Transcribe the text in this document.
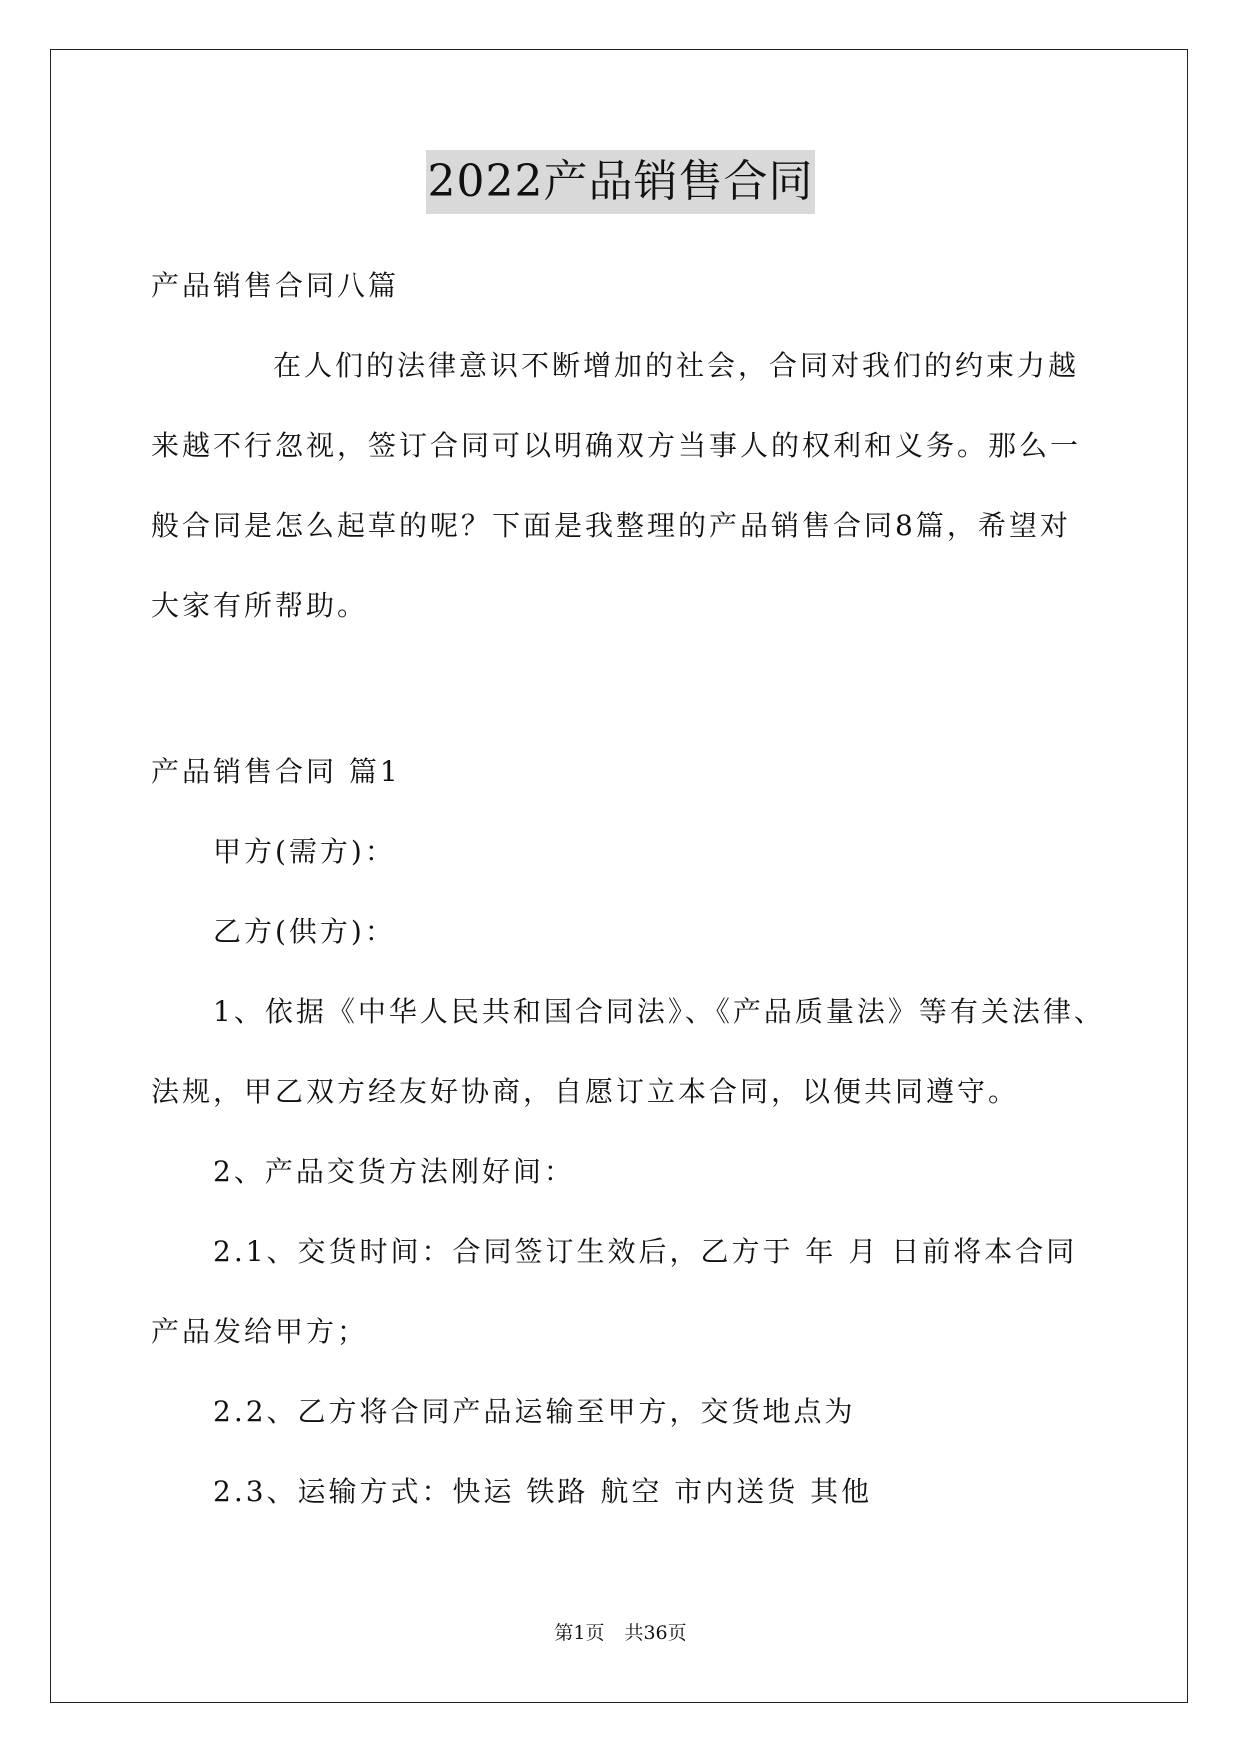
2022产品销售合同
产品销售合同八篇
在人们的法律意识不断增加的社会，合同对我们的约束力越
来越不行忽视，签订合同可以明确双方当事人的权利和义务。那么一
般合同是怎么起草的呢？下面是我整理的产品销售合同8篇，希望对
大家有所帮助。
产品销售合同 篇1
甲方(需方)：
乙方(供方)：
1、依据《中华人民共和国合同法》、《产品质量法》等有关法律、
法规，甲乙双方经友好协商，自愿订立本合同，以便共同遵守。
2、产品交货方法刚好间：
2.1、交货时间：合同签订生效后，乙方于 年 月 日前将本合同
产品发给甲方；
2.2、乙方将合同产品运输至甲方，交货地点为
2.3、运输方式：快运 铁路 航空 市内送货 其他
第1页 共36页
